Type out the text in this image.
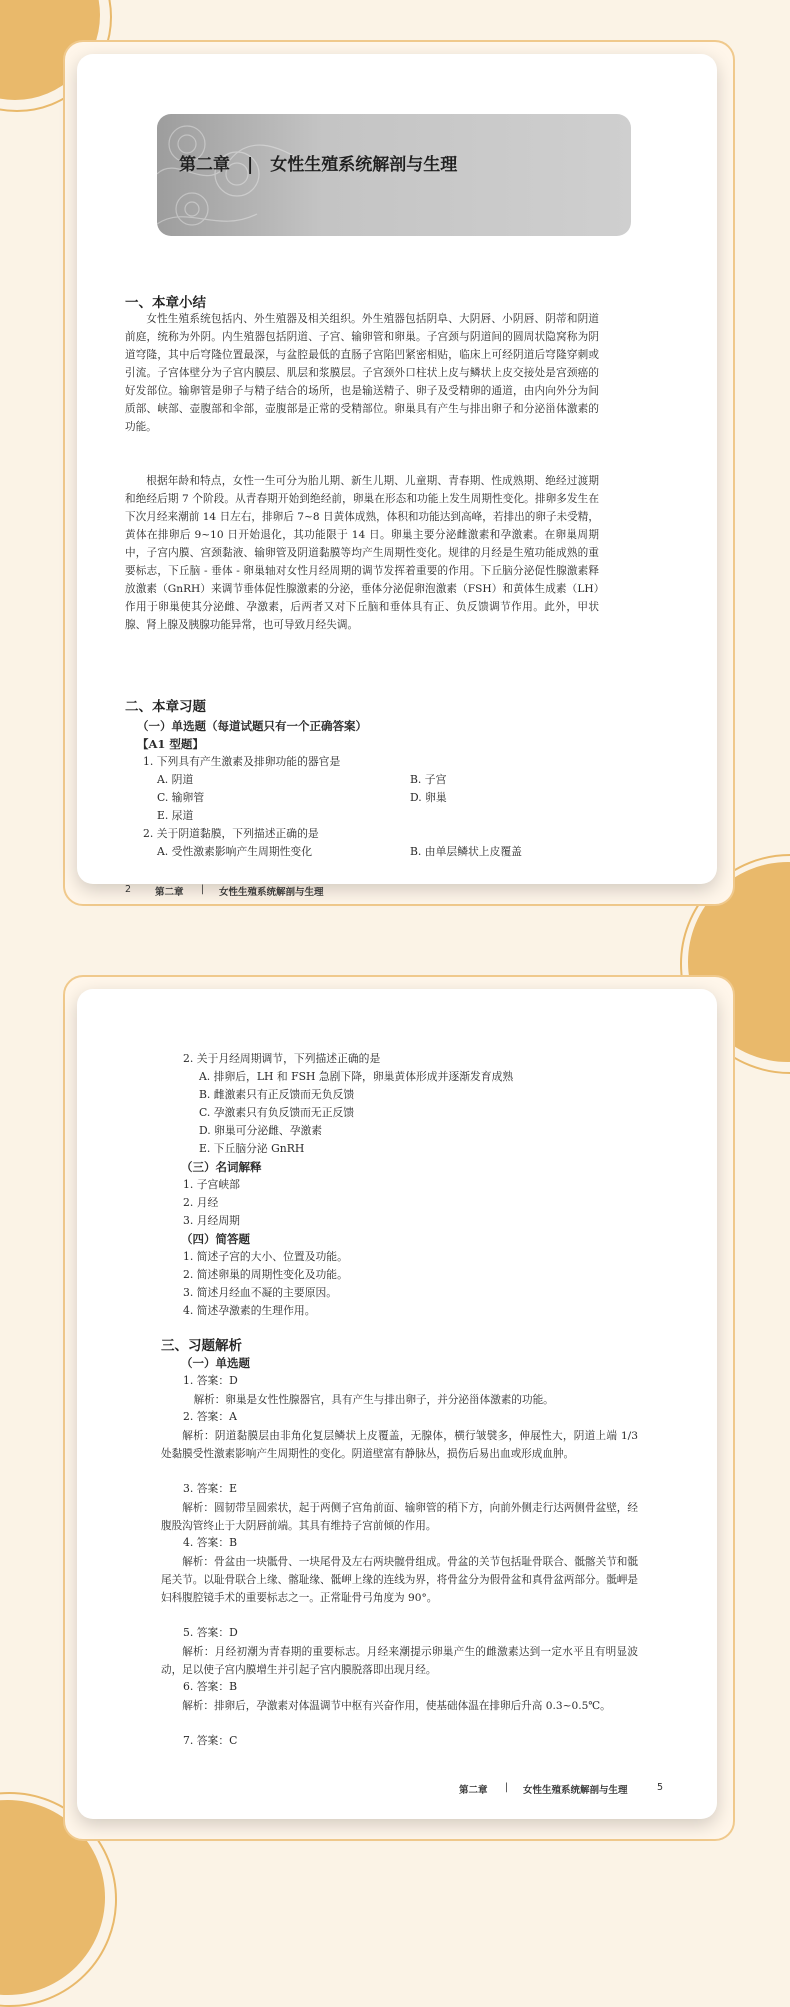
第二章　|　女性生殖系统解剖与生理
一、本章小结

女性生殖系统包括内、外生殖器及相关组织。外生殖器包括阴阜、大阴唇、小阴唇、阴蒂和阴道前庭，统称为外阴。内生殖器包括阴道、子宫、输卵管和卵巢。子宫颈与阴道间的圆周状隐窝称为阴道穹隆，其中后穹隆位置最深，与盆腔最低的直肠子宫陷凹紧密相贴，临床上可经阴道后穹隆穿刺或引流。子宫体壁分为子宫内膜层、肌层和浆膜层。子宫颈外口柱状上皮与鳞状上皮交接处是宫颈癌的好发部位。输卵管是卵子与精子结合的场所，也是输送精子、卵子及受精卵的通道，由内向外分为间质部、峡部、壶腹部和伞部，壶腹部是正常的受精部位。卵巢具有产生与排出卵子和分泌甾体激素的功能。

根据年龄和特点，女性一生可分为胎儿期、新生儿期、儿童期、青春期、性成熟期、绝经过渡期和绝经后期 7 个阶段。从青春期开始到绝经前，卵巢在形态和功能上发生周期性变化。排卵多发生在下次月经来潮前 14 日左右，排卵后 7~8 日黄体成熟，体积和功能达到高峰，若排出的卵子未受精，黄体在排卵后 9~10 日开始退化，其功能限于 14 日。卵巢主要分泌雌激素和孕激素。在卵巢周期中，子宫内膜、宫颈黏液、输卵管及阴道黏膜等均产生周期性变化。规律的月经是生殖功能成熟的重要标志，下丘脑 - 垂体 - 卵巢轴对女性月经周期的调节发挥着重要的作用。下丘脑分泌促性腺激素释放激素（GnRH）来调节垂体促性腺激素的分泌，垂体分泌促卵泡激素（FSH）和黄体生成素（LH）作用于卵巢使其分泌雌、孕激素，后两者又对下丘脑和垂体具有正、负反馈调节作用。此外，甲状腺、肾上腺及胰腺功能异常，也可导致月经失调。

二、本章习题
（一）单选题（每道试题只有一个正确答案）
【A1 型题】
1. 下列具有产生激素及排卵功能的器官是
A. 阴道	B. 子宫
C. 输卵管	D. 卵巢
E. 尿道
2. 关于阴道黏膜，下列描述正确的是
A. 受性激素影响产生周期性变化	B. 由单层鳞状上皮覆盖
2	第二章 | 女性生殖系统解剖与生理
2. 关于月经周期调节，下列描述正确的是
A. 排卵后，LH 和 FSH 急剧下降，卵巢黄体形成并逐渐发育成熟
B. 雌激素只有正反馈而无负反馈
C. 孕激素只有负反馈而无正反馈
D. 卵巢可分泌雌、孕激素
E. 下丘脑分泌 GnRH
（三）名词解释
1. 子宫峡部
2. 月经
3. 月经周期
（四）简答题
1. 简述子宫的大小、位置及功能。
2. 简述卵巢的周期性变化及功能。
3. 简述月经血不凝的主要原因。
4. 简述孕激素的生理作用。
三、习题解析
（一）单选题
1. 答案：D

解析：卵巢是女性性腺器官，具有产生与排出卵子，并分泌甾体激素的功能。

2. 答案：A

解析：阴道黏膜层由非角化复层鳞状上皮覆盖，无腺体，横行皱襞多，伸展性大，阴道上端 1/3 处黏膜受性激素影响产生周期性的变化。阴道壁富有静脉丛，损伤后易出血或形成血肿。

3. 答案：E

解析：圆韧带呈圆索状，起于两侧子宫角前面、输卵管的稍下方，向前外侧走行达两侧骨盆壁，经腹股沟管终止于大阴唇前端。其具有维持子宫前倾的作用。

4. 答案：B

解析：骨盆由一块骶骨、一块尾骨及左右两块髋骨组成。骨盆的关节包括耻骨联合、骶髂关节和骶尾关节。以耻骨联合上缘、髂耻缘、骶岬上缘的连线为界，将骨盆分为假骨盆和真骨盆两部分。骶岬是妇科腹腔镜手术的重要标志之一。正常耻骨弓角度为 90°。

5. 答案：D

解析：月经初潮为青春期的重要标志。月经来潮提示卵巢产生的雌激素达到一定水平且有明显波动，足以使子宫内膜增生并引起子宫内膜脱落即出现月经。

6. 答案：B

解析：排卵后，孕激素对体温调节中枢有兴奋作用，使基础体温在排卵后升高 0.3~0.5℃。

7. 答案：C
第二章 | 女性生殖系统解剖与生理	5
